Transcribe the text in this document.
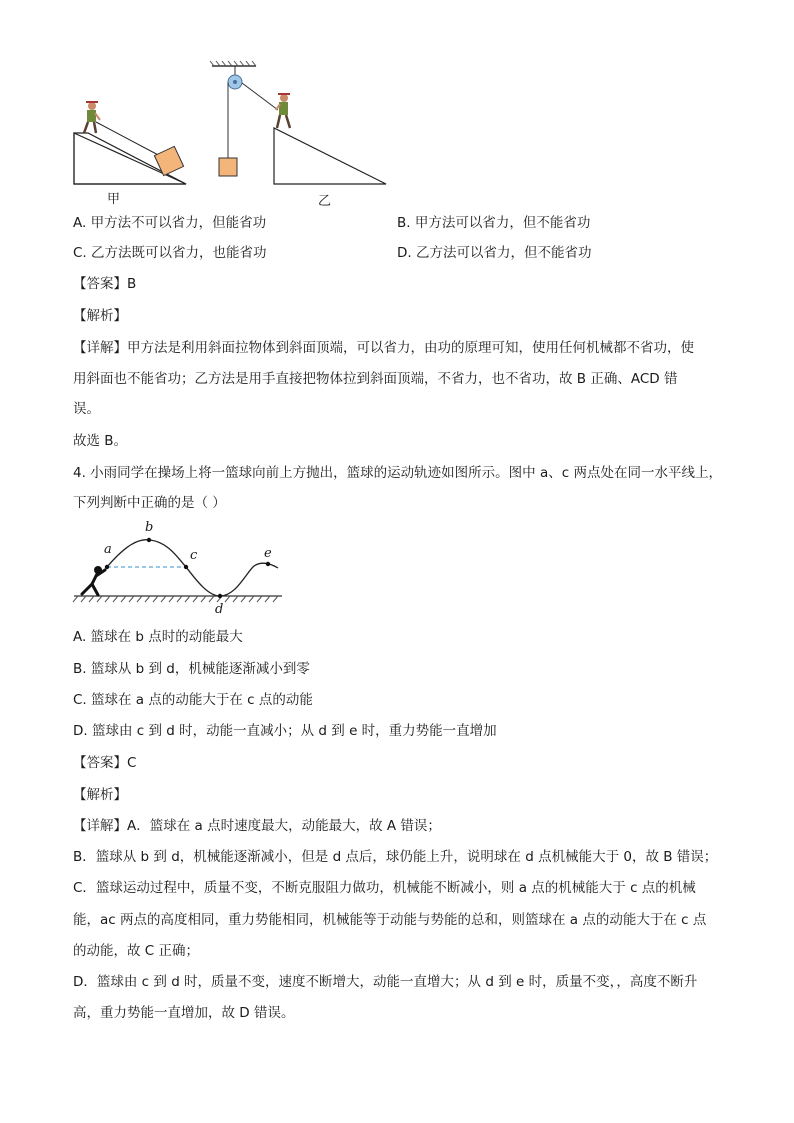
甲	乙
A. 甲方法不可以省力，但能省功	B. 甲方法可以省力，但不能省功
C. 乙方法既可以省力，也能省功	D. 乙方法可以省力，但不能省功
【答案】B
【解析】
【详解】甲方法是利用斜面拉物体到斜面顶端，可以省力，由功的原理可知，使用任何机械都不省功，使
用斜面也不能省功；乙方法是用手直接把物体拉到斜面顶端，不省力，也不省功，故 B 正确、ACD 错
误。
故选 B。
4. 小雨同学在操场上将一篮球向前上方抛出，篮球的运动轨迹如图所示。图中 a、c 两点处在同一水平线上，
下列判断中正确的是（ ）
a
b
c
d
e
A. 篮球在 b 点时的动能最大
B. 篮球从 b 到 d，机械能逐渐减小到零
C. 篮球在 a 点的动能大于在 c 点的动能
D. 篮球由 c 到 d 时，动能一直减小；从 d 到 e 时，重力势能一直增加
【答案】C
【解析】
【详解】A．篮球在 a 点时速度最大，动能最大，故 A 错误；
B．篮球从 b 到 d，机械能逐渐减小，但是 d 点后，球仍能上升，说明球在 d 点机械能大于 0，故 B 错误；
C．篮球运动过程中，质量不变，不断克服阻力做功，机械能不断减小，则 a 点的机械能大于 c 点的机械
能，ac 两点的高度相同，重力势能相同，机械能等于动能与势能的总和，则篮球在 a 点的动能大于在 c 点
的动能，故 C 正确；
D．篮球由 c 到 d 时，质量不变，速度不断增大，动能一直增大；从 d 到 e 时，质量不变，，高度不断升
高，重力势能一直增加，故 D 错误。
